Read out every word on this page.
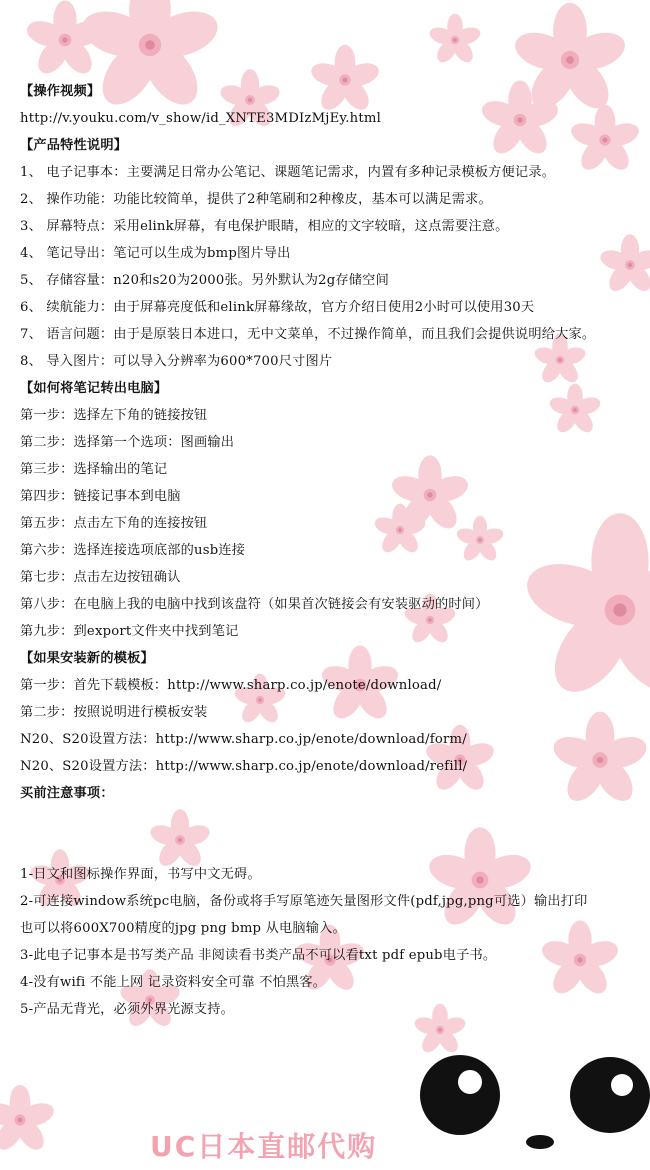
【操作视频】
http://v.youku.com/v_show/id_XNTE3MDIzMjEy.html
【产品特性说明】
1、 电子记事本：主要满足日常办公笔记、课题笔记需求，内置有多种记录模板方便记录。
2、 操作功能：功能比较简单，提供了2种笔刷和2种橡皮，基本可以满足需求。
3、 屏幕特点：采用elink屏幕，有电保护眼睛，相应的文字较暗，这点需要注意。
4、 笔记导出：笔记可以生成为bmp图片导出
5、 存储容量：n20和s20为2000张。另外默认为2g存储空间
6、 续航能力：由于屏幕亮度低和elink屏幕缘故，官方介绍日使用2小时可以使用30天
7、 语言问题：由于是原装日本进口，无中文菜单，不过操作简单，而且我们会提供说明给大家。
8、 导入图片：可以导入分辨率为600*700尺寸图片
【如何将笔记转出电脑】
第一步：选择左下角的链接按钮
第二步：选择第一个选项：图画输出
第三步：选择输出的笔记
第四步：链接记事本到电脑
第五步：点击左下角的连接按钮
第六步：选择连接选项底部的usb连接
第七步：点击左边按钮确认
第八步：在电脑上我的电脑中找到该盘符（如果首次链接会有安装驱动的时间）
第九步：到export文件夹中找到笔记
【如果安装新的模板】
第一步：首先下载模板：http://www.sharp.co.jp/enote/download/
第二步：按照说明进行模板安装
N20、S20设置方法：http://www.sharp.co.jp/enote/download/form/
N20、S20设置方法：http://www.sharp.co.jp/enote/download/refill/
买前注意事项：
1-日文和图标操作界面，书写中文无碍。
2-可连接window系统pc电脑，备份或将手写原笔迹矢量图形文件(pdf,jpg,png可选）输出打印
也可以将600X700精度的jpg png bmp 从电脑输入。
3-此电子记事本是书写类产品 非阅读看书类产品不可以看txt pdf epub电子书。
4-没有wifi 不能上网 记录资料安全可靠 不怕黑客。
5-产品无背光，必须外界光源支持。
UC日本直邮代购
